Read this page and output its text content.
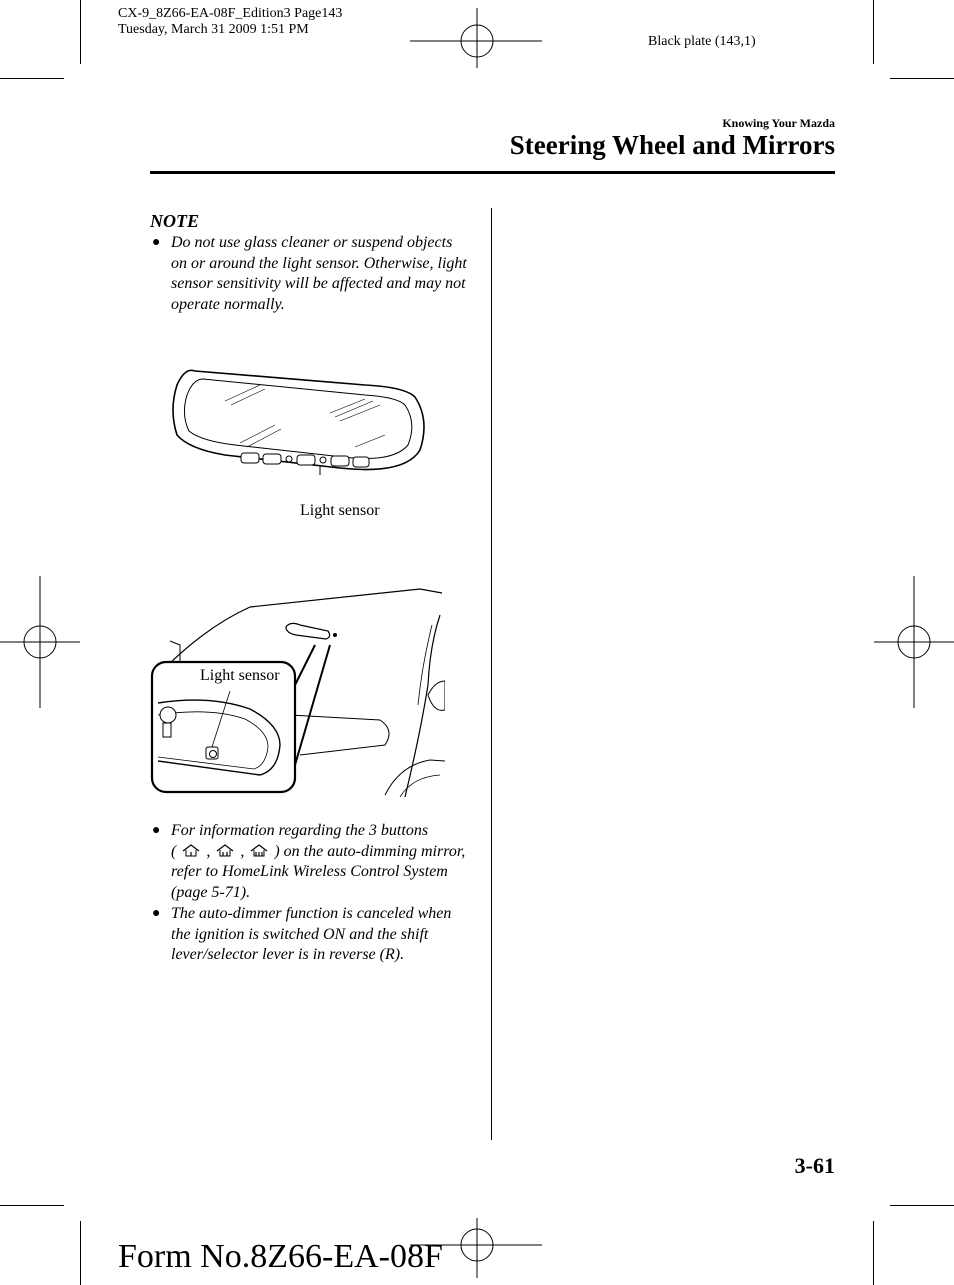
CX-9_8Z66-EA-08F_Edition3 Page143
Tuesday, March 31 2009 1:51 PM
Black plate (143,1)
Knowing Your Mazda
Steering Wheel and Mirrors
NOTE
● Do not use glass cleaner or suspend objects on or around the light sensor. Otherwise, light sensor sensitivity will be affected and may not operate normally.
Light sensor
Light sensor
● For information regarding the 3 buttons
( , , ) on the auto-dimming mirror, refer to HomeLink Wireless Control System (page 5-71).
● The auto-dimmer function is canceled when the ignition is switched ON and the shift lever/selector lever is in reverse (R).
3-61
Form No.8Z66-EA-08F
